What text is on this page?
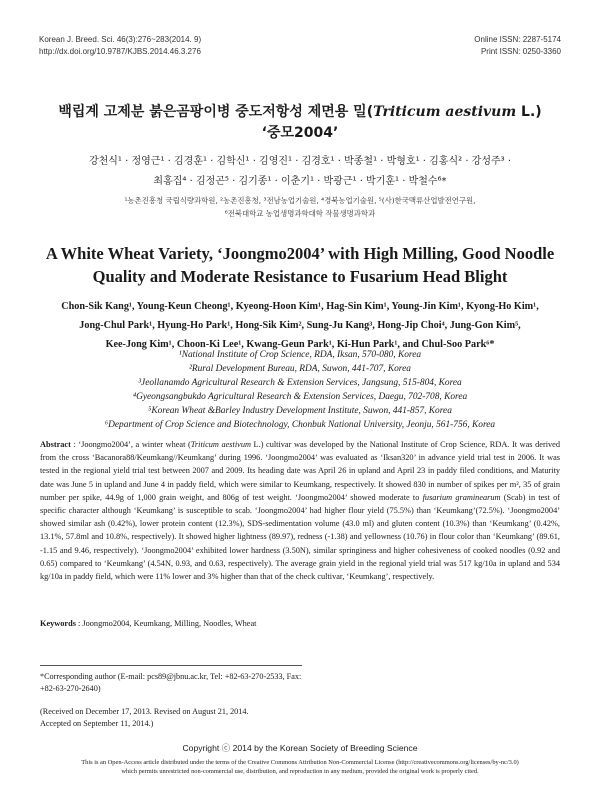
Korean J. Breed. Sci. 46(3):276~283(2014. 9)
http://dx.doi.org/10.9787/KJBS.2014.46.3.276
Online ISSN: 2287-5174
Print ISSN: 0250-3360
백립계 고제분 붉은곰팡이병 중도저항성 제면용 밀(Triticum aestivum L.)
‘중모2004’
강천식¹ · 정영근¹ · 김경훈¹ · 김학신¹ · 김영진¹ · 김경호¹ · 박종철¹ · 박형호¹ · 김홍식² · 강성주³ ·
최홍집⁴ · 김정곤⁵ · 김기종¹ · 이춘기¹ · 박광근¹ · 박기훈¹ · 박철수⁶*
¹농촌진흥청 국립식량과학원, ²농촌진흥청, ³전남농업기술원, ⁴경북농업기술원, ⁵(사)한국맥류산업발전연구원,
⁶전북대학교 농업생명과학대학 작물생명과학과
A White Wheat Variety, ‘Joongmo2004’ with High Milling, Good Noodle
Quality and Moderate Resistance to Fusarium Head Blight
Chon-Sik Kang¹, Young-Keun Cheong¹, Kyeong-Hoon Kim¹, Hag-Sin Kim¹, Young-Jin Kim¹, Kyong-Ho Kim¹,
Jong-Chul Park¹, Hyung-Ho Park¹, Hong-Sik Kim², Sung-Ju Kang³, Hong-Jip Choi⁴, Jung-Gon Kim⁵,
Kee-Jong Kim¹, Choon-Ki Lee¹, Kwang-Geun Park¹, Ki-Hun Park¹, and Chul-Soo Park⁶*
¹National Institute of Crop Science, RDA, Iksan, 570-080, Korea
²Rural Development Bureau, RDA, Suwon, 441-707, Korea
³Jeollanamdo Agricultural Research & Extension Services, Jangsung, 515-804, Korea
⁴Gyeongsangbukdo Agricultural Research & Extension Services, Daegu, 702-708, Korea
⁵Korean Wheat &Barley Industry Development Institute, Suwon, 441-857, Korea
⁶Department of Crop Science and Biotechnology, Chonbuk National University, Jeonju, 561-756, Korea
Abstract : ‘Joongmo2004’, a winter wheat (Triticum aestivum L.) cultivar was developed by the National Institute of Crop Science, RDA. It was derived from the cross ‘Bacanora88/Keumkang//Keumkang’ during 1996. ‘Joongmo2004’ was evaluated as ‘Iksan320’ in advance yield trial test in 2006. It was tested in the regional yield trial test between 2007 and 2009. Its heading date was April 26 in upland and April 23 in paddy filed conditions, and Maturity date was June 5 in upland and June 4 in paddy field, which were similar to Keumkang, respectively. It showed 830 in number of spikes per m², 35 of grain number per spike, 44.9g of 1,000 grain weight, and 806g of test weight. ‘Joongmo2004’ showed moderate to fusarium graminearum (Scab) in test of specific character although ‘Keumkang’ is susceptible to scab. ‘Joongmo2004’ had higher flour yield (75.5%) than ‘Keumkang’(72.5%). ‘Joongmo2004’ showed similar ash (0.42%), lower protein content (12.3%), SDS-sedimentation volume (43.0 ml) and gluten content (10.3%) than ‘Keumkang’ (0.42%, 13.1%, 57.8ml and 10.8%, respectively). It showed higher lightness (89.97), redness (-1.38) and yellowness (10.76) in flour color than ‘Keumkang’ (89.61, -1.15 and 9.46, respectively). ‘Joongmo2004’ exhibited lower hardness (3.50N), similar springiness and higher cohesiveness of cooked noodles (0.92 and 0.65) compared to ‘Keumkang’ (4.54N, 0.93, and 0.63, respectively). The average grain yield in the regional yield trial was 517 kg/10a in upland and 534 kg/10a in paddy field, which were 11% lower and 3% higher than that of the check cultivar, ‘Keumkang’, respectively.
Keywords : Joongmo2004, Keumkang, Milling, Noodles, Wheat
*Corresponding author (E-mail: pcs89@jbnu.ac.kr, Tel: +82-63-270-2533, Fax: +82-63-270-2640)
(Received on December 17, 2013. Revised on August 21, 2014.
Accepted on September 11, 2014.)
Copyright ⓒ 2014 by the Korean Society of Breeding Science
This is an Open-Access article distributed under the terms of the Creative Commons Attribution Non-Commercial License (http://creativecommons.org/licenses/by-nc/3.0)
which permits unrestricted non-commercial use, distribution, and reproduction in any medium, provided the original work is properly cited.
